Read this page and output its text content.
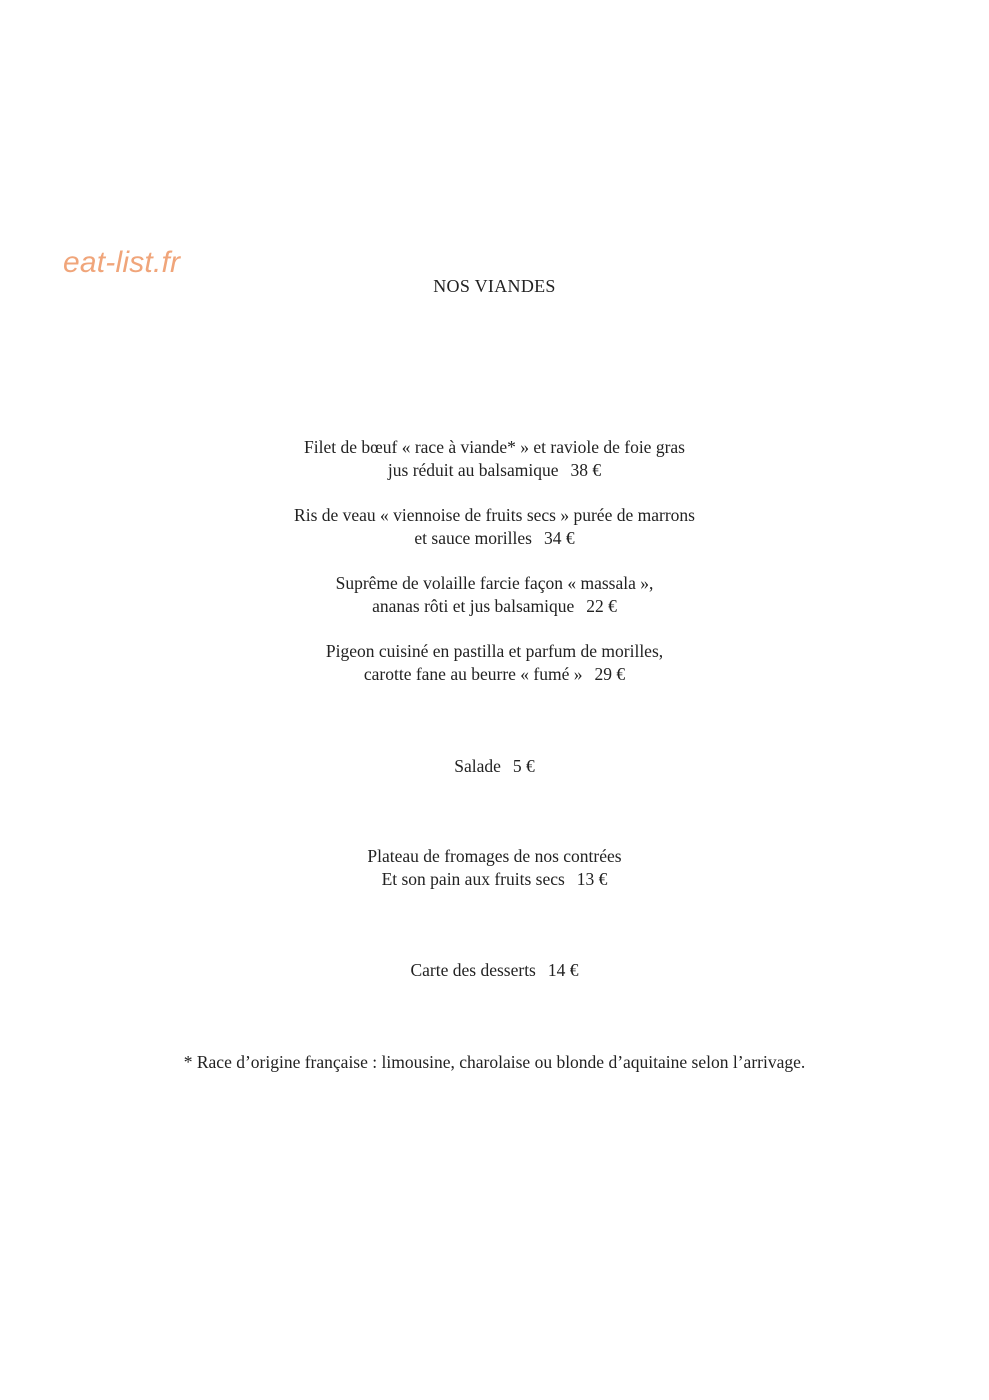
eat-list.fr
NOS VIANDES
Filet de bœuf « race à viande* » et raviole de foie gras
jus réduit au balsamique 38 €
Ris de veau « viennoise de fruits secs » purée de marrons
et sauce morilles 34 €
Suprême de volaille farcie façon « massala »,
ananas rôti et jus balsamique 22 €
Pigeon cuisiné en pastilla et parfum de morilles,
carotte fane au beurre « fumé » 29 €
Salade 5 €
Plateau de fromages de nos contrées
Et son pain aux fruits secs 13 €
Carte des desserts 14 €
* Race d’origine française : limousine, charolaise ou blonde d’aquitaine selon l’arrivage.
